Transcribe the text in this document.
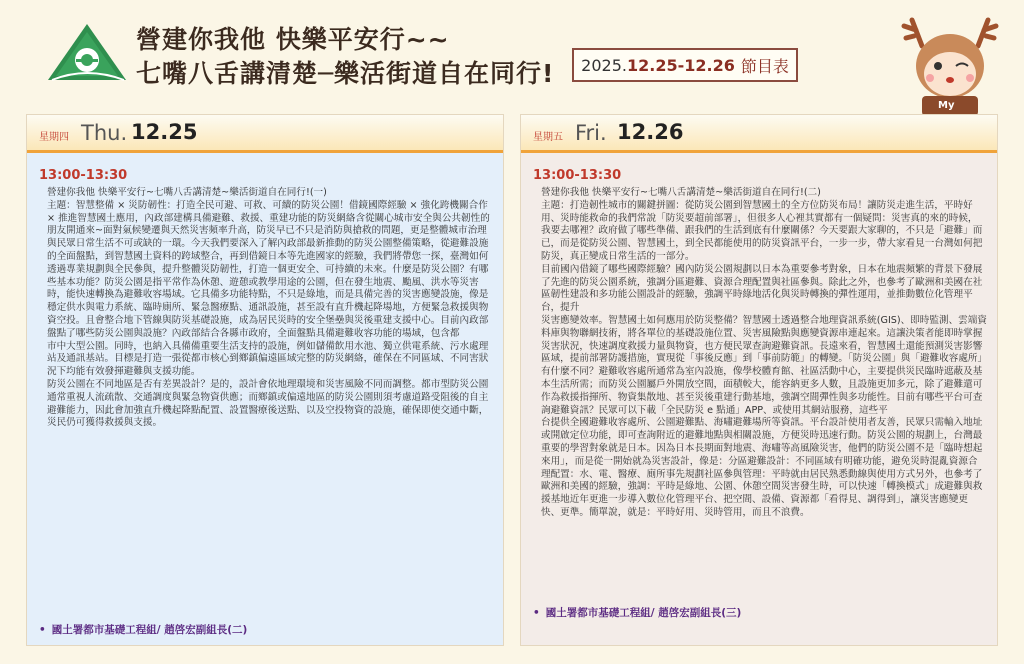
營建你我他 快樂平安行~~
七嘴八舌講清楚─樂活街道自在同行! 2025. 12.25-12.26 節目表
My
星期四 Thu. 12.25
13:00-13:30
營建你我他 快樂平安行~七嘴八舌講清楚~樂活街道自在同行!(一)
主題：智慧整備 × 災防韌性：打造全民可避、可救、可續的防災公園！借鏡國際經驗 × 強化跨機關合作 × 推進智慧國土應用，內政部建構具備避難、救援、重建功能的防災網絡含從關心城市安全與公共韌性的朋友開通來~面對氣候變遷與天然災害頻率升高，防災早已不只是消防與搶救的問題，更是整體城市治理與民眾日常生活不可或缺的一環。今天我們要深入了解內政部最新推動的防災公園整備策略，從避難設施的全面盤點，到智慧國土資料的跨域整合，再到借鏡日本等先進國家的經驗，我們將帶您一探，臺灣如何透過專業規劃與全民參與，提升整體災防韌性，打造一個更安全、可持續的未來。什麼是防災公園？有哪些基本功能？防災公園是指平常作為休憩、遊憩或教學用途的公園，但在發生地震、颱風、洪水等災害時，能快速轉換為避難收容場域。它具備多功能特點，不只是綠地，而是具備完善的災害應變設施，像是穩定供水與電力系統、臨時廁所、緊急醫療點、通訊設施，甚至設有直升機起降場地，方便緊急救援與物資空投。且會整合地下管線與防災基礎設施，成為居民災時的安全堡壘與災後重建支援中心。目前內政部盤點了哪些防災公園與設施？內政部結合各縣市政府，全面盤點具備避難收容功能的場域，包含都
市中大型公園。同時，也納入具備備重要生活支持的設施，例如儲備飲用水池、獨立供電系統、污水處理站及通訊基站。目標是打造一張從都市核心到鄉鎮偏遠區域完整的防災網絡，確保在不同區域、不同害狀況下均能有效發揮避難與支援功能。
防災公園在不同地區是否有差異設計？是的，設計會依地理環境和災害風險不同而調整。都市型防災公園通常重視人流疏散、交通調度與緊急物資供應；而鄉鎮或偏遠地區的防災公園則須考慮道路受阻後的自主避難能力，因此會加強直升機起降點配置、設置醫療後送點、以及空投物資的設施，確保即使交通中斷，災民仍可獲得救援與支援。
• 國土署都市基礎工程組/ 趙啓宏副組長(二)
星期五 Fri. 12.26
13:00-13:30
營建你我他 快樂平安行~七嘴八舌講清楚~樂活街道自在同行!(二)
主題：打造韌性城市的關鍵拼圖：從防災公園到智慧國土的全方位防災布局！讓防災走進生活，平時好用、災時能救命的我們常說「防災要超前部署」，但很多人心裡其實都有一個疑問：災害真的來的時候，我要去哪裡？政府做了哪些準備、跟我們的生活到底有什麼關係？今天要跟大家聊的，不只是「避難」而已，而是從防災公園、智慧國土，到全民都能使用的防災資訊平台，一步一步，帶大家看見一台灣如何把防災，真正變成日常生活的一部分。
目前國內借鏡了哪些國際經驗？國內防災公園規劃以日本為重要參考對象，日本在地震頻繁的背景下發展了先進的防災公園系統，強調分區避難、資源合理配置與社區參與。除此之外，也參考了歐洲和美國在社區韌性建設和多功能公園設計的經驗，強調平時綠地活化與災時轉換的彈性運用，並推動數位化管理平台，提升
災害應變效率。智慧國土如何應用於防災整備？智慧國土透過整合地理資訊系統(GIS)、即時監測、雲端資料庫與物聯網技術，將各單位的基礎設施位置、災害風險點與應變資源串連起來。這讓決策者能即時掌握災害狀況，快速調度救援力量與物資，也方便民眾查詢避難資訊。長遠來看，智慧國土還能預測災害影響區域，提前部署防護措施，實現從「事後反應」到「事前防範」的轉變。「防災公園」與「避難收容處所」有什麼不同？避難收容處所通常為室內設施，像學校體育館、社區活動中心，主要提供災民臨時遮蔽及基本生活所需；而防災公園屬戶外開放空間，面積較大，能容納更多人數，且設施更加多元，除了避難還可作為救援指揮所、物資集散地、甚至災後重建行動基地，強調空間彈性與多功能性。目前有哪些平台可查詢避難資訊？民眾可以下載「全民防災 e 點通」APP、或使用其網站服務，這些平
台提供全國避難收容處所、公園避難點、海嘯避難場所等資訊。平台設計使用者友善，民眾只需輸入地址或開啟定位功能，即可查詢附近的避難地點與相關設施，方便災時迅速行動。防災公園的規劃上，台灣最重要的學習對象就是日本。因為日本長期面對地震、海嘯等高風險災害，他們的防災公園不是「臨時想起來用」，而是從一開始就為災害設計，像是：分區避難設計：不同區域有明確功能，避免災時混亂資源合理配置：水、電、醫療、廁所事先規劃社區參與管理：平時就由居民熟悉動線與使用方式另外，也參考了歐洲和美國的經驗，強調：平時是綠地、公園、休憩空間災害發生時，可以快速「轉換模式」成避難與救援基地近年更進一步導入數位化管理平台、把空間、設備、資源都「看得見、調得到」，讓災害應變更快、更準。簡單說，就是：平時好用、災時管用，而且不浪費。
• 國土署都市基礎工程組/ 趙啓宏副組長(三)
